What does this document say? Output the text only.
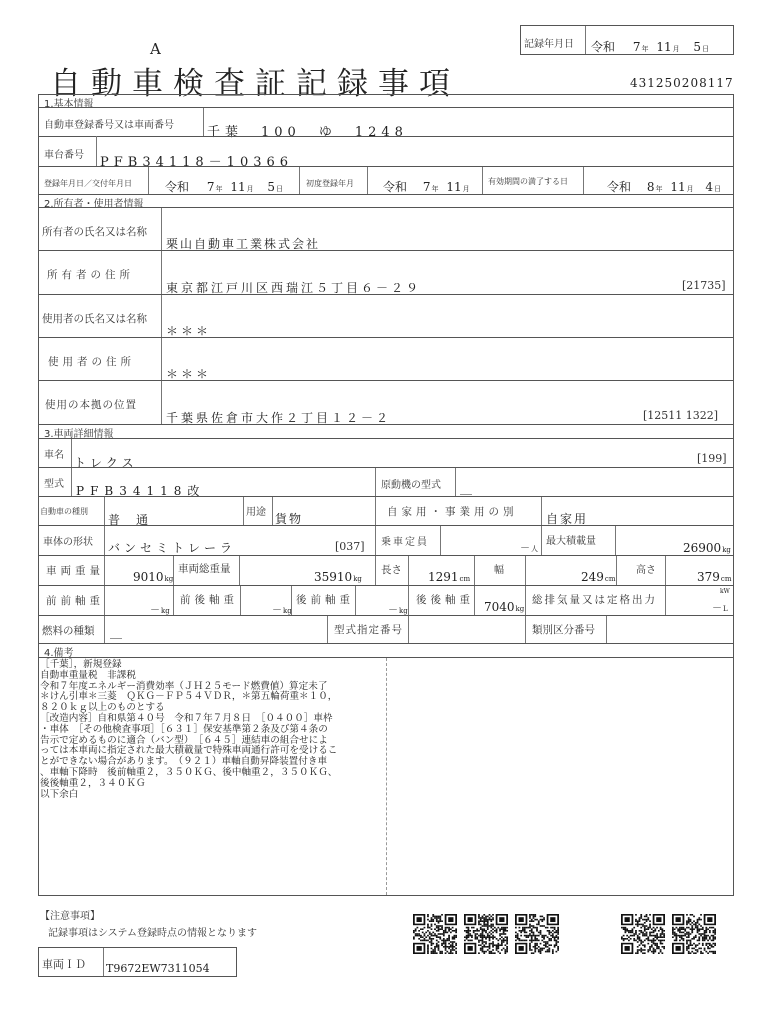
A
自動車検査証記録事項
記録年月日 令和 7年 11月 5日
431250208117
1.基本情報
自動車登録番号又は車両番号	千葉　100　ゆ　1248
車台番号 PFB34118－10366
登録年月日／交付年月日	令和 7年 11月 5日
初度登録年月 令和 7年 11月
有効期間の満了する日	令和 8年 11月 4日
2.所有者・使用者情報
所有者の氏名又は名称
栗山自動車工業株式会社
所有者の住所
東京都江戸川区西瑞江５丁目６－２９	[21735]
使用者の氏名又は名称
＊＊＊
使用者の住所
＊＊＊
使用の本拠の位置
千葉県佐倉市大作２丁目１２－２	[12511 1322]
3.車両詳細情報
車名
トレクス	[199]
型式 PFB34118改	原動機の型式 ＿
自動車の種別
普　通
用途 貨物	自家用・事業用の別 自家用
車体の形状 バンセミトレーラ	[037] 乗車定員
－人
最大積載量	26900kg
車両重量 9010kg
車両総重量
35910kg
長さ 1291cm
幅	249cm
高さ	379cm
前前軸重
－kg
前後軸重
－kg
後前軸重
－kg
後後軸重 7040kg
総排気量又は定格出力
kW
－L
燃料の種類 ＿	型式指定番号	類別区分番号
4.備考
［千葉］，新規登録
自動車重量税　非課税
令和７年度エネルギー消費効率（ＪＨ２５モード燃費値）算定未了
＊けん引車＊三菱　ＱＫＧ－ＦＰ５４ＶＤＲ，＊第五輪荷重＊１０，
８２０ｋｇ以上のものとする
［改造内容］自和県第４０号　令和７年７月８日　［０４００］車枠
・車体　［その他検査事項］［６３１］保安基準第２条及び第４条の
告示で定めるものに適合（バン型）　［６４５］連結車の組合せによ
っては本車両に指定された最大積載量で特殊車両通行許可を受けるこ
とができない場合があります。　（９２１）車軸自動昇降装置付き車
、車軸下降時　後前軸重２，３５０ＫＧ、後中軸重２，３５０ＫＧ、
後後軸重２，３４０ＫＧ
以下余白
【注意事項】
記録事項はシステム登録時点の情報となります
車両ＩＤ T9672EW7311054
